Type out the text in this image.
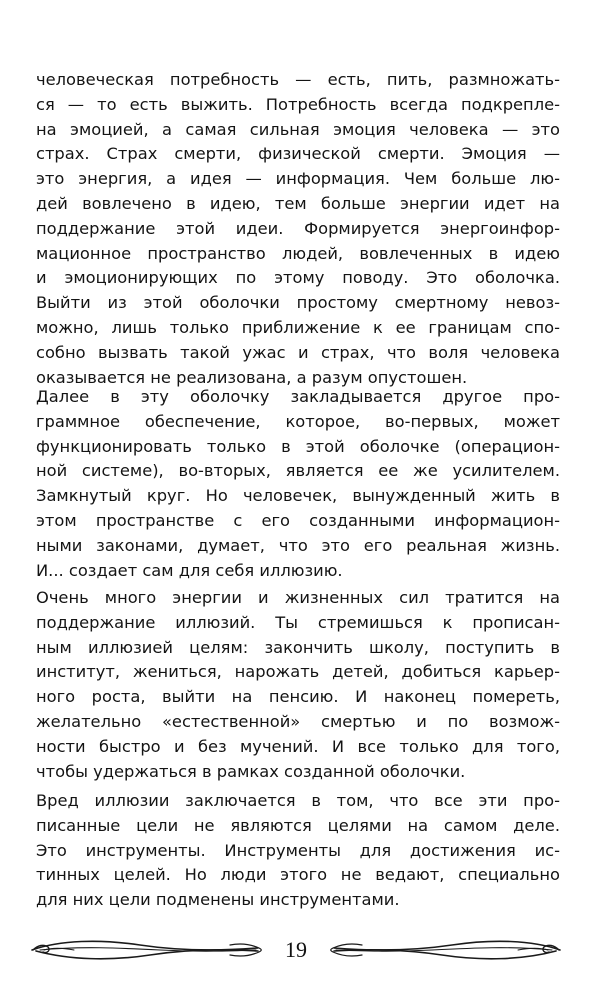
человеческая потребность — есть, пить, размножать-
ся — то есть выжить. Потребность всегда подкрепле-
на эмоцией, а самая сильная эмоция человека — это
страх. Страх смерти, физической смерти. Эмоция —
это энергия, а идея — информация. Чем больше лю-
дей вовлечено в идею, тем больше энергии идет на
поддержание этой идеи. Формируется энергоинфор-
мационное пространство людей, вовлеченных в идею
и эмоционирующих по этому поводу. Это оболочка.
Выйти из этой оболочки простому смертному невоз-
можно, лишь только приближение к ее границам спо-
собно вызвать такой ужас и страх, что воля человека
оказывается не реализована, а разум опустошен.
Далее в эту оболочку закладывается другое про-
граммное обеспечение, которое, во-первых, может
функционировать только в этой оболочке (операцион-
ной системе), во-вторых, является ее же усилителем.
Замкнутый круг. Но человечек, вынужденный жить в
этом пространстве с его созданными информацион-
ными законами, думает, что это его реальная жизнь.
И... создает сам для себя иллюзию.
Очень много энергии и жизненных сил тратится на
поддержание иллюзий. Ты стремишься к прописан-
ным иллюзией целям: закончить школу, поступить в
институт, жениться, нарожать детей, добиться карьер-
ного роста, выйти на пенсию. И наконец помереть,
желательно «естественной» смертью и по возмож-
ности быстро и без мучений. И все только для того,
чтобы удержаться в рамках созданной оболочки.
Вред иллюзии заключается в том, что все эти про-
писанные цели не являются целями на самом деле.
Это инструменты. Инструменты для достижения ис-
тинных целей. Но люди этого не ведают, специально
для них цели подменены инструментами.
19
